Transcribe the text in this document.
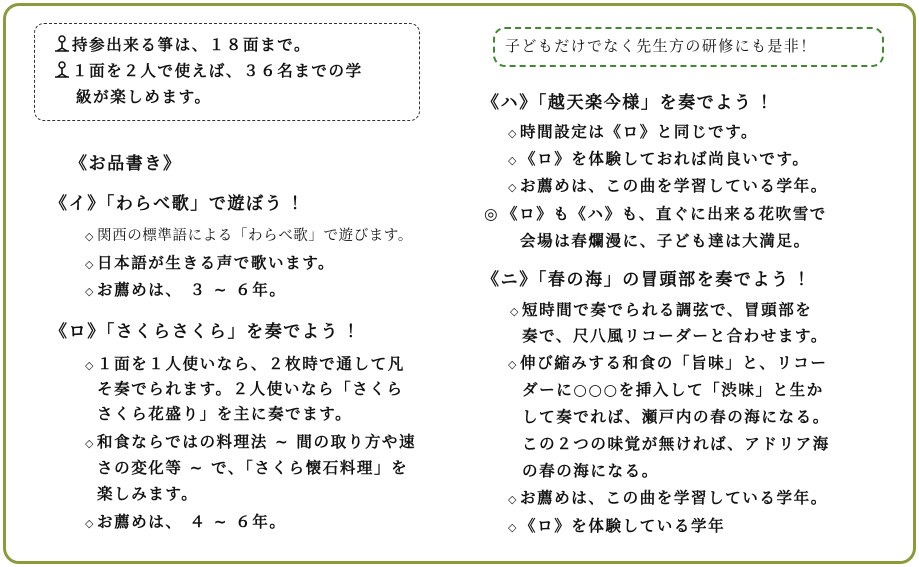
持参出来る箏は、１８面まで。
１面を２人で使えば、３６名までの学
級が楽しめます。
《お品書き》
《イ》「わらべ歌」で遊ぼう ！
◇ 関西の標準語による「わらべ歌」で遊びます。
◇ 日本語が生きる声で歌います。
◇ お薦めは、 ３ ~ ６年。
《ロ》「さくらさくら」を奏でよう ！
◇ １面を１人使いなら、２枚時で通して凡
そ奏でられます。２人使いなら「さくら
さくら花盛り」を主に奏でます。
◇ 和食ならではの料理法 ~ 間の取り方や速
さの変化等 ~ で、「さくら懐石料理」を
楽しみます。
◇ お薦めは、 ４ ~ ６年。
子どもだけでなく先生方の研修にも是非！
《ハ》「越天楽今様」を奏でよう ！
◇ 時間設定は《ロ》と同じです。
◇ 《ロ》を体験しておれば尚良いです。
◇ お薦めは、この曲を学習している学年。
◎ 《ロ》も《ハ》も、直ぐに出来る花吹雪で
会場は春爛漫に、子ども達は大満足。
《ニ》「春の海」の冒頭部を奏でよう ！
◇ 短時間で奏でられる調弦で、冒頭部を
奏で、尺八風リコーダーと合わせます。
◇ 伸び縮みする和食の「旨味」と、リコー
ダーに○○○を挿入して「渋味」と生か
して奏でれば、瀬戸内の春の海になる。
この２つの味覚が無ければ、アドリア海
の春の海になる。
◇ お薦めは、この曲を学習している学年。
◇ 《ロ》を体験している学年
